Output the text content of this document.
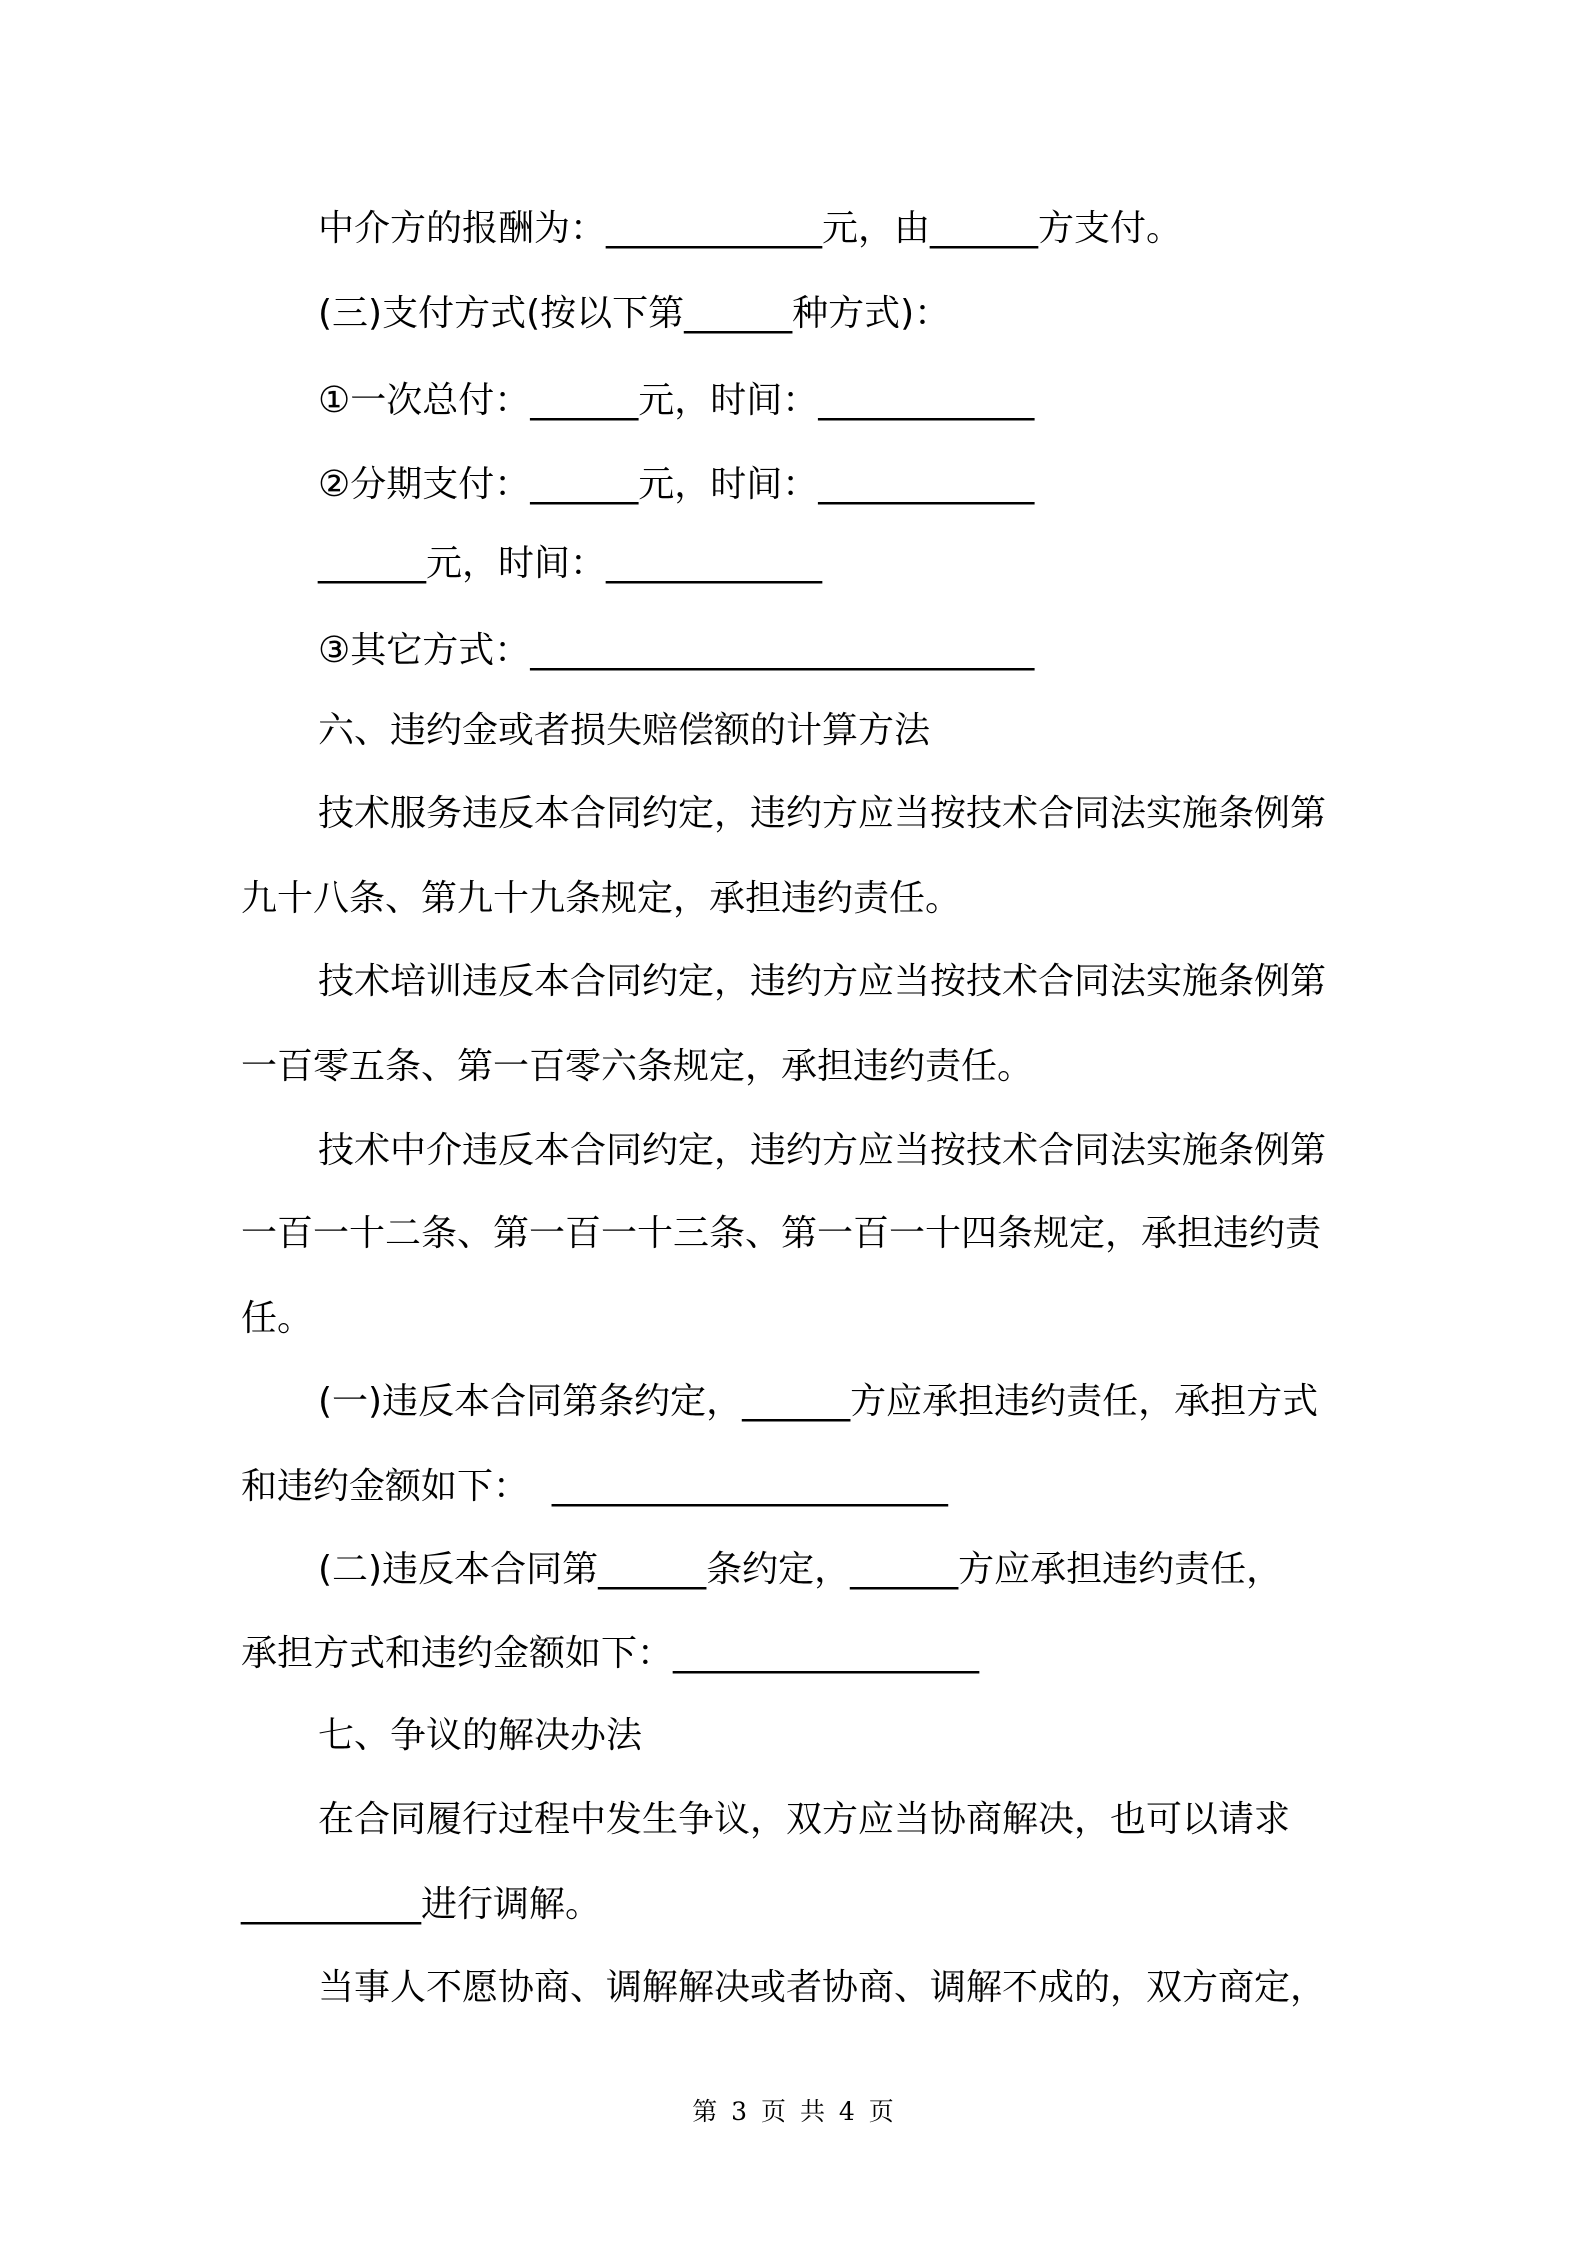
中介方的报酬为：____________元，由______方支付。
(三)支付方式(按以下第______种方式)：
①一次总付：______元，时间：____________
②分期支付：______元，时间：____________
______元，时间：____________
③其它方式：____________________________
六、违约金或者损失赔偿额的计算方法
技术服务违反本合同约定，违约方应当按技术合同法实施条例第
九十八条、第九十九条规定，承担违约责任。
技术培训违反本合同约定，违约方应当按技术合同法实施条例第
一百零五条、第一百零六条规定，承担违约责任。
技术中介违反本合同约定，违约方应当按技术合同法实施条例第
一百一十二条、第一百一十三条、第一百一十四条规定，承担违约责
任。
(一)违反本合同第条约定，______方应承担违约责任，承担方式
和违约金额如下：  ______________________
(二)违反本合同第______条约定，______方应承担违约责任，
承担方式和违约金额如下：_________________
七、争议的解决办法
在合同履行过程中发生争议，双方应当协商解决，也可以请求
__________进行调解。
当事人不愿协商、调解解决或者协商、调解不成的，双方商定，
第 3 页 共 4 页
